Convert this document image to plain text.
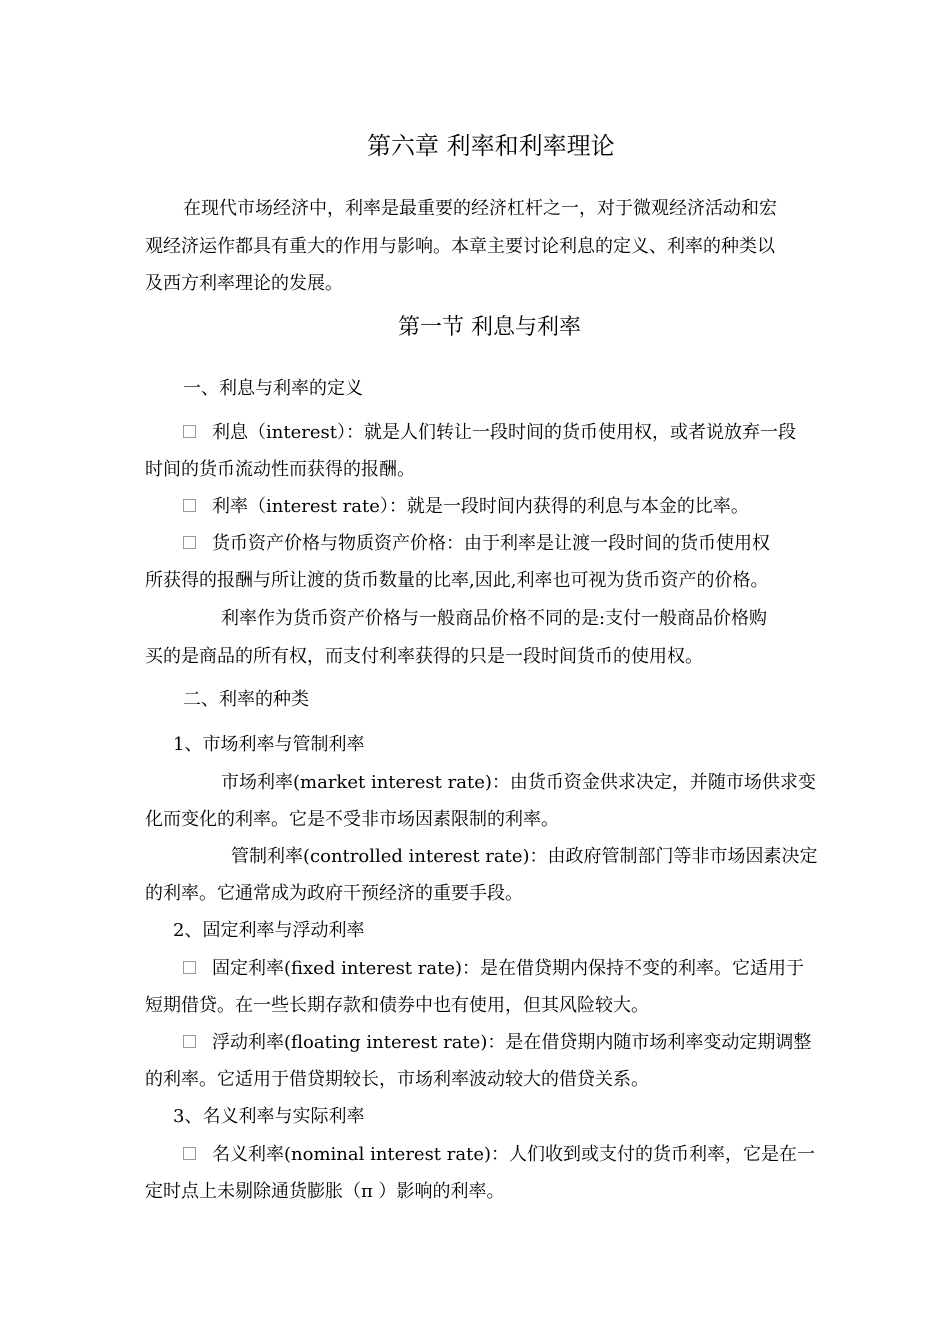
第六章 利率和利率理论
在现代市场经济中，利率是最重要的经济杠杆之一，对于微观经济活动和宏
观经济运作都具有重大的作用与影响。本章主要讨论利息的定义、利率的种类以
及西方利率理论的发展。
第一节 利息与利率
一、利息与利率的定义
利息（interest）：就是人们转让一段时间的货币使用权，或者说放弃一段
时间的货币流动性而获得的报酬。
利率（interest rate）：就是一段时间内获得的利息与本金的比率。
货币资产价格与物质资产价格：由于利率是让渡一段时间的货币使用权
所获得的报酬与所让渡的货币数量的比率,因此,利率也可视为货币资产的价格。
利率作为货币资产价格与一般商品价格不同的是:支付一般商品价格购
买的是商品的所有权，而支付利率获得的只是一段时间货币的使用权。
二、利率的种类
1、市场利率与管制利率
市场利率(market interest rate)：由货币资金供求决定，并随市场供求变
化而变化的利率。它是不受非市场因素限制的利率。
管制利率(controlled interest rate)：由政府管制部门等非市场因素决定
的利率。它通常成为政府干预经济的重要手段。
2、固定利率与浮动利率
固定利率(fixed interest rate)：是在借贷期内保持不变的利率。它适用于
短期借贷。在一些长期存款和债券中也有使用，但其风险较大。
浮动利率(floating interest rate)：是在借贷期内随市场利率变动定期调整
的利率。它适用于借贷期较长，市场利率波动较大的借贷关系。
3、名义利率与实际利率
名义利率(nominal interest rate)：人们收到或支付的货币利率，它是在一
定时点上未剔除通货膨胀（π ）影响的利率。
